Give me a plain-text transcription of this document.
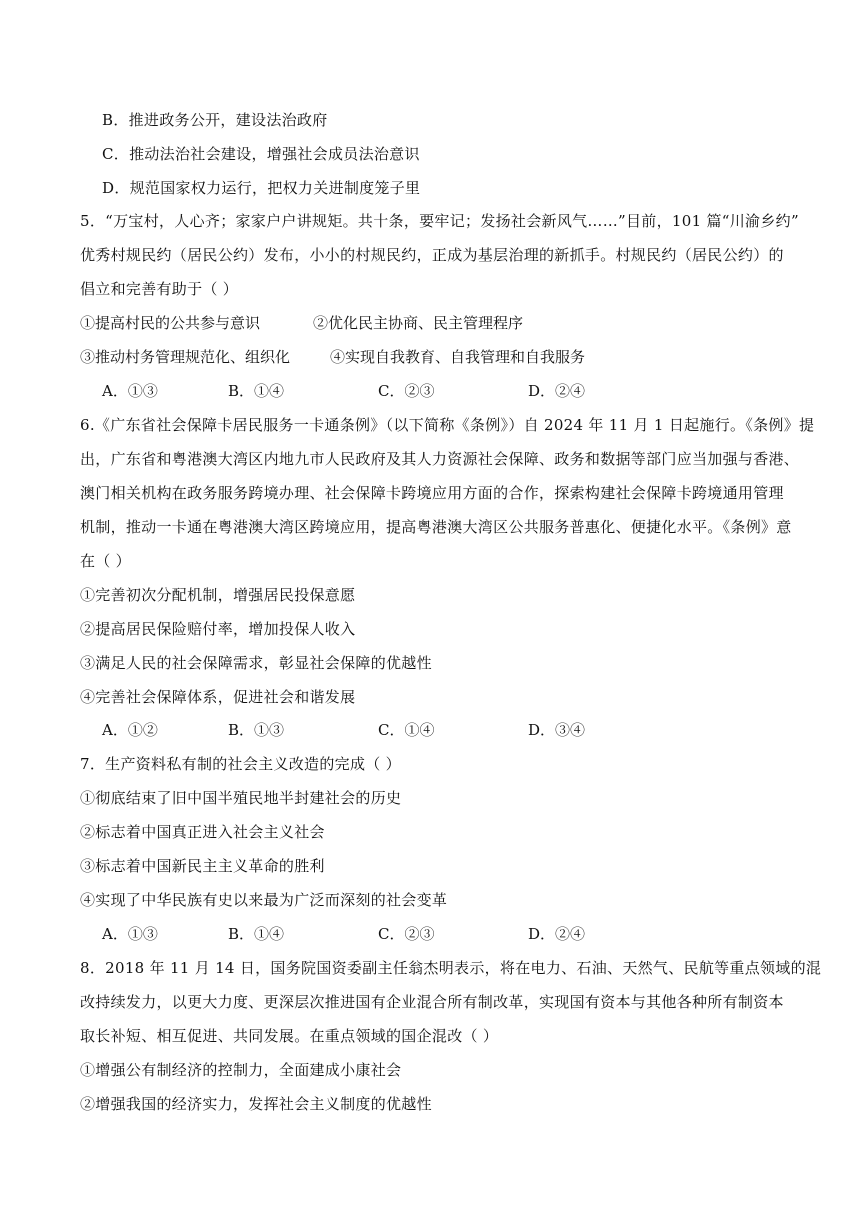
B．推进政务公开，建设法治政府
C．推动法治社会建设，增强社会成员法治意识
D．规范国家权力运行，把权力关进制度笼子里
5．“万宝村，人心齐；家家户户讲规矩。共十条，要牢记；发扬社会新风气……”目前，101 篇“川渝乡约”
优秀村规民约（居民公约）发布，小小的村规民约，正成为基层治理的新抓手。村规民约（居民公约）的
倡立和完善有助于（ ）
①提高村民的公共参与意识	②优化民主协商、民主管理程序
③推动村务管理规范化、组织化	④实现自我教育、自我管理和自我服务
A．①③	B．①④	C．②③	D．②④
6.《广东省社会保障卡居民服务一卡通条例》（以下简称《条例》）自 2024 年 11 月 1 日起施行。《条例》提
出，广东省和粤港澳大湾区内地九市人民政府及其人力资源社会保障、政务和数据等部门应当加强与香港、
澳门相关机构在政务服务跨境办理、社会保障卡跨境应用方面的合作，探索构建社会保障卡跨境通用管理
机制，推动一卡通在粤港澳大湾区跨境应用，提高粤港澳大湾区公共服务普惠化、便捷化水平。《条例》意
在（ ）
①完善初次分配机制，增强居民投保意愿
②提高居民保险赔付率，增加投保人收入
③满足人民的社会保障需求，彰显社会保障的优越性
④完善社会保障体系，促进社会和谐发展
A．①②	B．①③	C．①④	D．③④
7．生产资料私有制的社会主义改造的完成（ ）
①彻底结束了旧中国半殖民地半封建社会的历史
②标志着中国真正进入社会主义社会
③标志着中国新民主主义革命的胜利
④实现了中华民族有史以来最为广泛而深刻的社会变革
A．①③	B．①④	C．②③	D．②④
8．2018 年 11 月 14 日，国务院国资委副主任翁杰明表示，将在电力、石油、天然气、民航等重点领域的混
改持续发力，以更大力度、更深层次推进国有企业混合所有制改革，实现国有资本与其他各种所有制资本
取长补短、相互促进、共同发展。在重点领域的国企混改（ ）
①增强公有制经济的控制力，全面建成小康社会
②增强我国的经济实力，发挥社会主义制度的优越性
